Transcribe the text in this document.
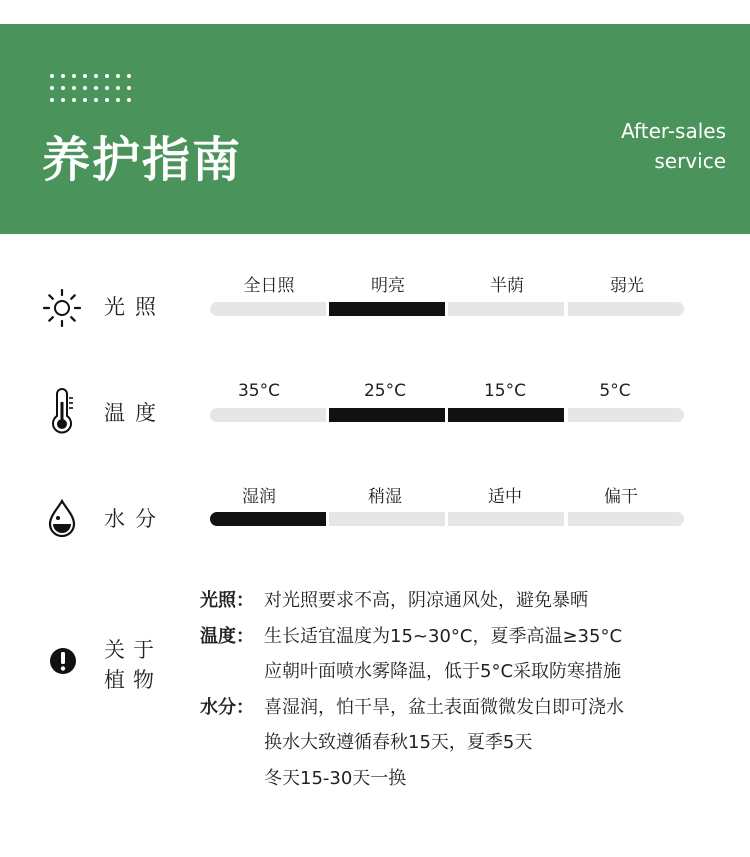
养护指南
After-sales
service
光照
全日照	明亮	半荫	弱光
温度
35°C	25°C	15°C	5°C
水分
湿润	稍湿	适中	偏干
关于植物
光照： 对光照要求不高，阴凉通风处，避免暴晒
温度： 生长适宜温度为15~30°C，夏季高温≥35°C
应朝叶面喷水雾降温，低于5°C采取防寒措施
水分： 喜湿润，怕干旱，盆土表面微微发白即可浇水
换水大致遵循春秋15天，夏季5天
冬天15-30天一换
